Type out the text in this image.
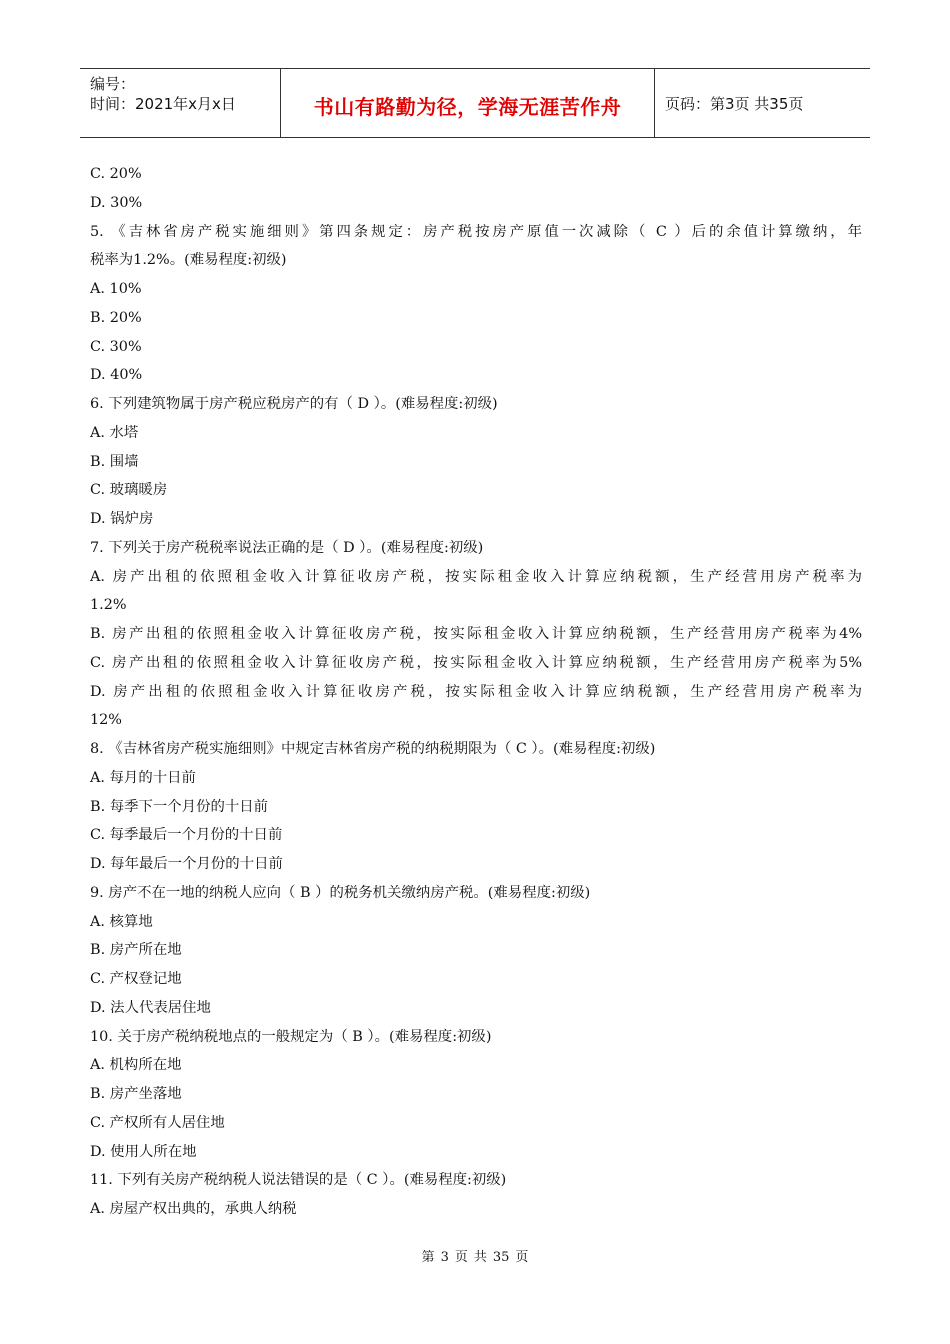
编号：
时间：2021年x月x日	书山有路勤为径，学海无涯苦作舟	页码：第3页 共35页
C. 20%
D. 30%
5. 《吉林省房产税实施细则》第四条规定：房产税按房产原值一次减除（ C ）后的余值计算缴纳，年
税率为1.2%。(难易程度:初级)
A. 10%
B. 20%
C. 30%
D. 40%
6. 下列建筑物属于房产税应税房产的有（ D ）。(难易程度:初级)
A. 水塔
B. 围墙
C. 玻璃暖房
D. 锅炉房
7. 下列关于房产税税率说法正确的是（ D ）。(难易程度:初级)
A. 房产出租的依照租金收入计算征收房产税，按实际租金收入计算应纳税额，生产经营用房产税率为
1.2%
B. 房产出租的依照租金收入计算征收房产税，按实际租金收入计算应纳税额，生产经营用房产税率为4%
C. 房产出租的依照租金收入计算征收房产税，按实际租金收入计算应纳税额，生产经营用房产税率为5%
D. 房产出租的依照租金收入计算征收房产税，按实际租金收入计算应纳税额，生产经营用房产税率为
12%
8. 《吉林省房产税实施细则》中规定吉林省房产税的纳税期限为（ C ）。(难易程度:初级)
A. 每月的十日前
B. 每季下一个月份的十日前
C. 每季最后一个月份的十日前
D. 每年最后一个月份的十日前
9. 房产不在一地的纳税人应向（ B ）的税务机关缴纳房产税。(难易程度:初级)
A. 核算地
B. 房产所在地
C. 产权登记地
D. 法人代表居住地
10. 关于房产税纳税地点的一般规定为（ B ）。(难易程度:初级)
A. 机构所在地
B. 房产坐落地
C. 产权所有人居住地
D. 使用人所在地
11. 下列有关房产税纳税人说法错误的是（ C ）。(难易程度:初级)
A. 房屋产权出典的，承典人纳税
第 3 页 共 35 页
